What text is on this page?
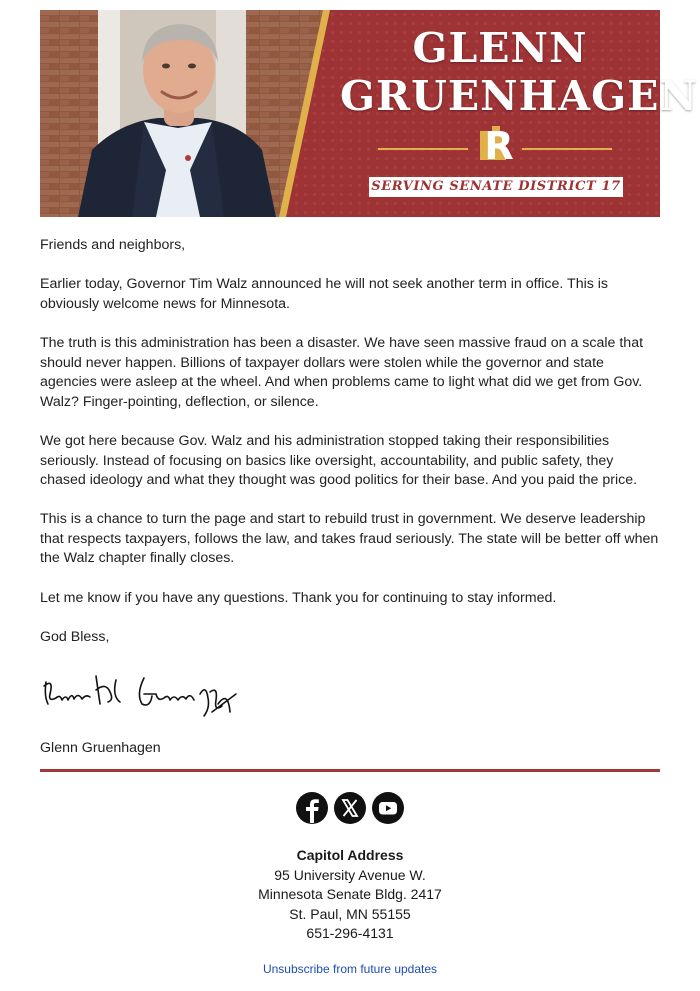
GLENN
GRUENHAGEN
R
SERVING SENATE DISTRICT 17

Friends and neighbors,

Earlier today, Governor Tim Walz announced he will not seek another term in office. This is obviously welcome news for Minnesota.

The truth is this administration has been a disaster. We have seen massive fraud on a scale that should never happen. Billions of taxpayer dollars were stolen while the governor and state agencies were asleep at the wheel. And when problems came to light what did we get from Gov. Walz? Finger-pointing, deflection, or silence.

We got here because Gov. Walz and his administration stopped taking their responsibilities seriously. Instead of focusing on basics like oversight, accountability, and public safety, they chased ideology and what they thought was good politics for their base. And you paid the price.

This is a chance to turn the page and start to rebuild trust in government. We deserve leadership that respects taxpayers, follows the law, and takes fraud seriously. The state will be better off when the Walz chapter finally closes.

Let me know if you have any questions. Thank you for continuing to stay informed.

God Bless,

Glenn Gruenhagen

Capitol Address
95 University Avenue W.
Minnesota Senate Bldg. 2417
St. Paul, MN 55155
651-296-4131
Unsubscribe from future updates
